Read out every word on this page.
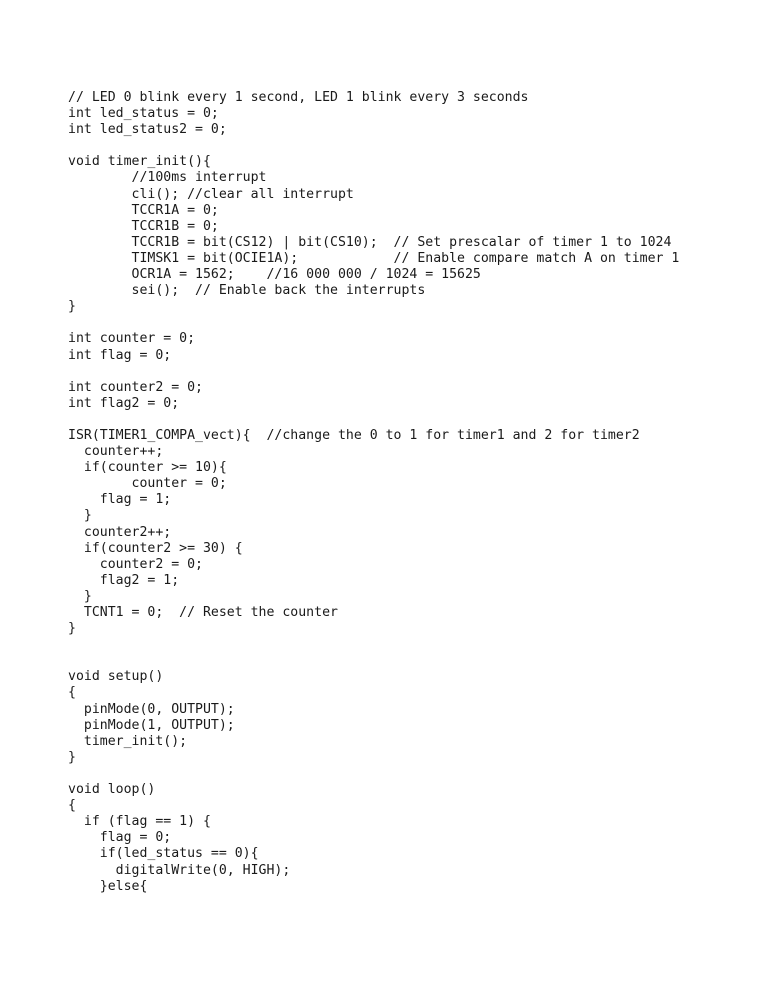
// LED 0 blink every 1 second, LED 1 blink every 3 seconds
int led_status = 0;
int led_status2 = 0;
void timer_init(){
//100ms interrupt
cli(); //clear all interrupt
TCCR1A = 0;
TCCR1B = 0;
TCCR1B = bit(CS12) | bit(CS10);  // Set prescalar of timer 1 to 1024
TIMSK1 = bit(OCIE1A);            // Enable compare match A on timer 1
OCR1A = 1562;    //16 000 000 / 1024 = 15625
sei();  // Enable back the interrupts
}
int counter = 0;
int flag = 0;
int counter2 = 0;
int flag2 = 0;
ISR(TIMER1_COMPA_vect){  //change the 0 to 1 for timer1 and 2 for timer2
counter++;
if(counter >= 10){
counter = 0;
flag = 1;
}
counter2++;
if(counter2 >= 30) {
counter2 = 0;
flag2 = 1;
}
TCNT1 = 0;  // Reset the counter
}
void setup()
{
pinMode(0, OUTPUT);
pinMode(1, OUTPUT);
timer_init();
}
void loop()
{
if (flag == 1) {
flag = 0;
if(led_status == 0){
digitalWrite(0, HIGH);
}else{
